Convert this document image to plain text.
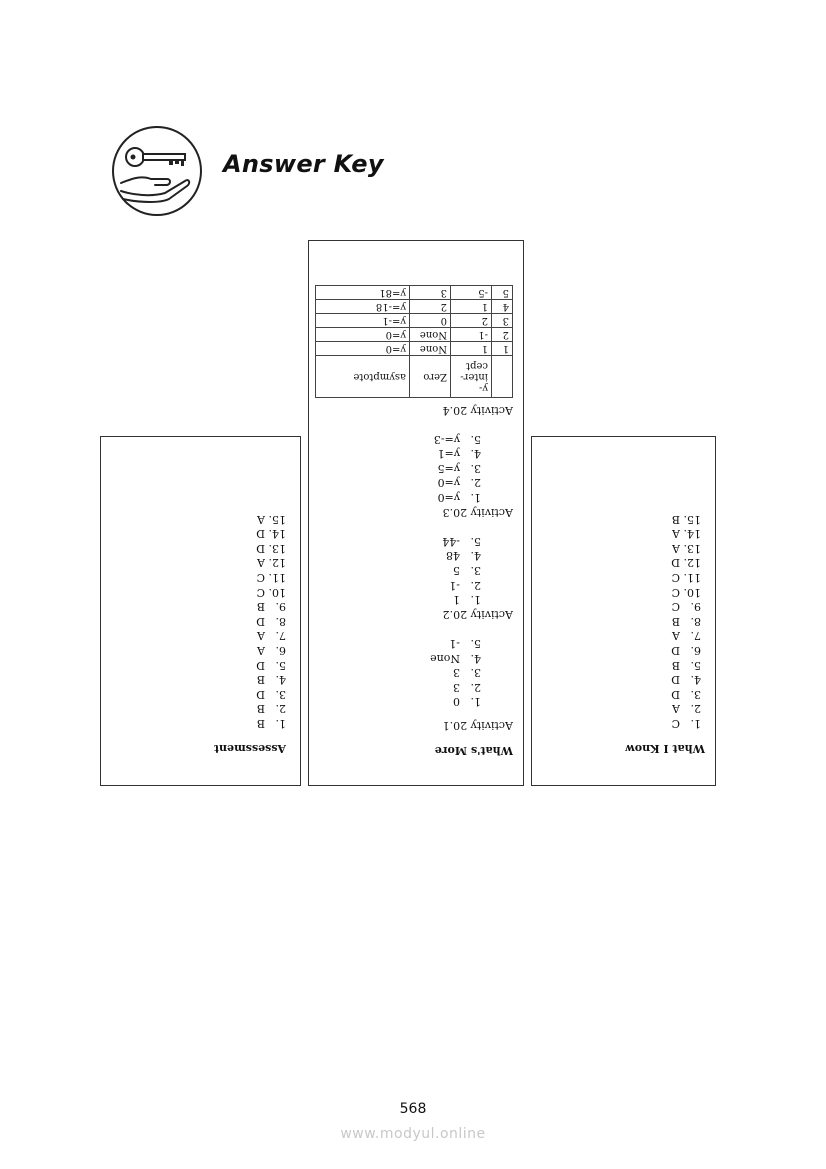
Answer Key
Assessment
1.   B
2.   B
3.   D
4.   B
5.   D
6.   A
7.   A
8.   D
9.   B
10. C
11. C
12. A
13. D
14. D
15. A
What's More

Activity 20.1

1.   0
2.   3
3.   3
4.   None
5.   -1

Activity 20.2

1.   1
2.   -1
3.   5
4.   48
5.   -44

Activity 20.3

1.   y=0
2.   y=0
3.   y=5
4.   y=1
5.   y=-3

Activity 20.4

	y-inter-cept	Zero	asymptote
1	1	None	y=0
2	-1	None	y=0
3	2	0	y=-1
4	1	2	y=-18
5	-5	3	y=81
What I Know
1.   C
2.   A
3.   D
4.   D
5.   B
6.   D
7.   A
8.   B
9.   C
10. C
11. C
12. D
13. A
14. A
15. B
568
www.modyul.online
